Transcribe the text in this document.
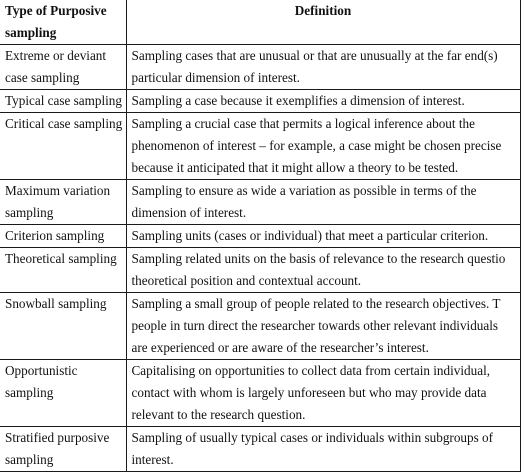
Type of Purposive
sampling	Definition

Extreme or deviant
case sampling	Sampling cases that are unusual or that are unusually at the far end(s)
particular dimension of interest.

Typical case sampling	Sampling a case because it exemplifies a dimension of interest.

Critical case sampling	Sampling a crucial case that permits a logical inference about the
phenomenon of interest – for example, a case might be chosen precise
because it anticipated that it might allow a theory to be tested.

Maximum variation
sampling	Sampling to ensure as wide a variation as possible in terms of the
dimension of interest.

Criterion sampling	Sampling units (cases or individual) that meet a particular criterion.

Theoretical sampling	Sampling related units on the basis of relevance to the research questio
theoretical position and contextual account.

Snowball sampling	Sampling a small group of people related to the research objectives. T
people in turn direct the researcher towards other relevant individuals
are experienced or are aware of the researcher’s interest.

Opportunistic
sampling	Capitalising on opportunities to collect data from certain individual,
contact with whom is largely unforeseen but who may provide data
relevant to the research question.

Stratified purposive
sampling	Sampling of usually typical cases or individuals within subgroups of
interest.
